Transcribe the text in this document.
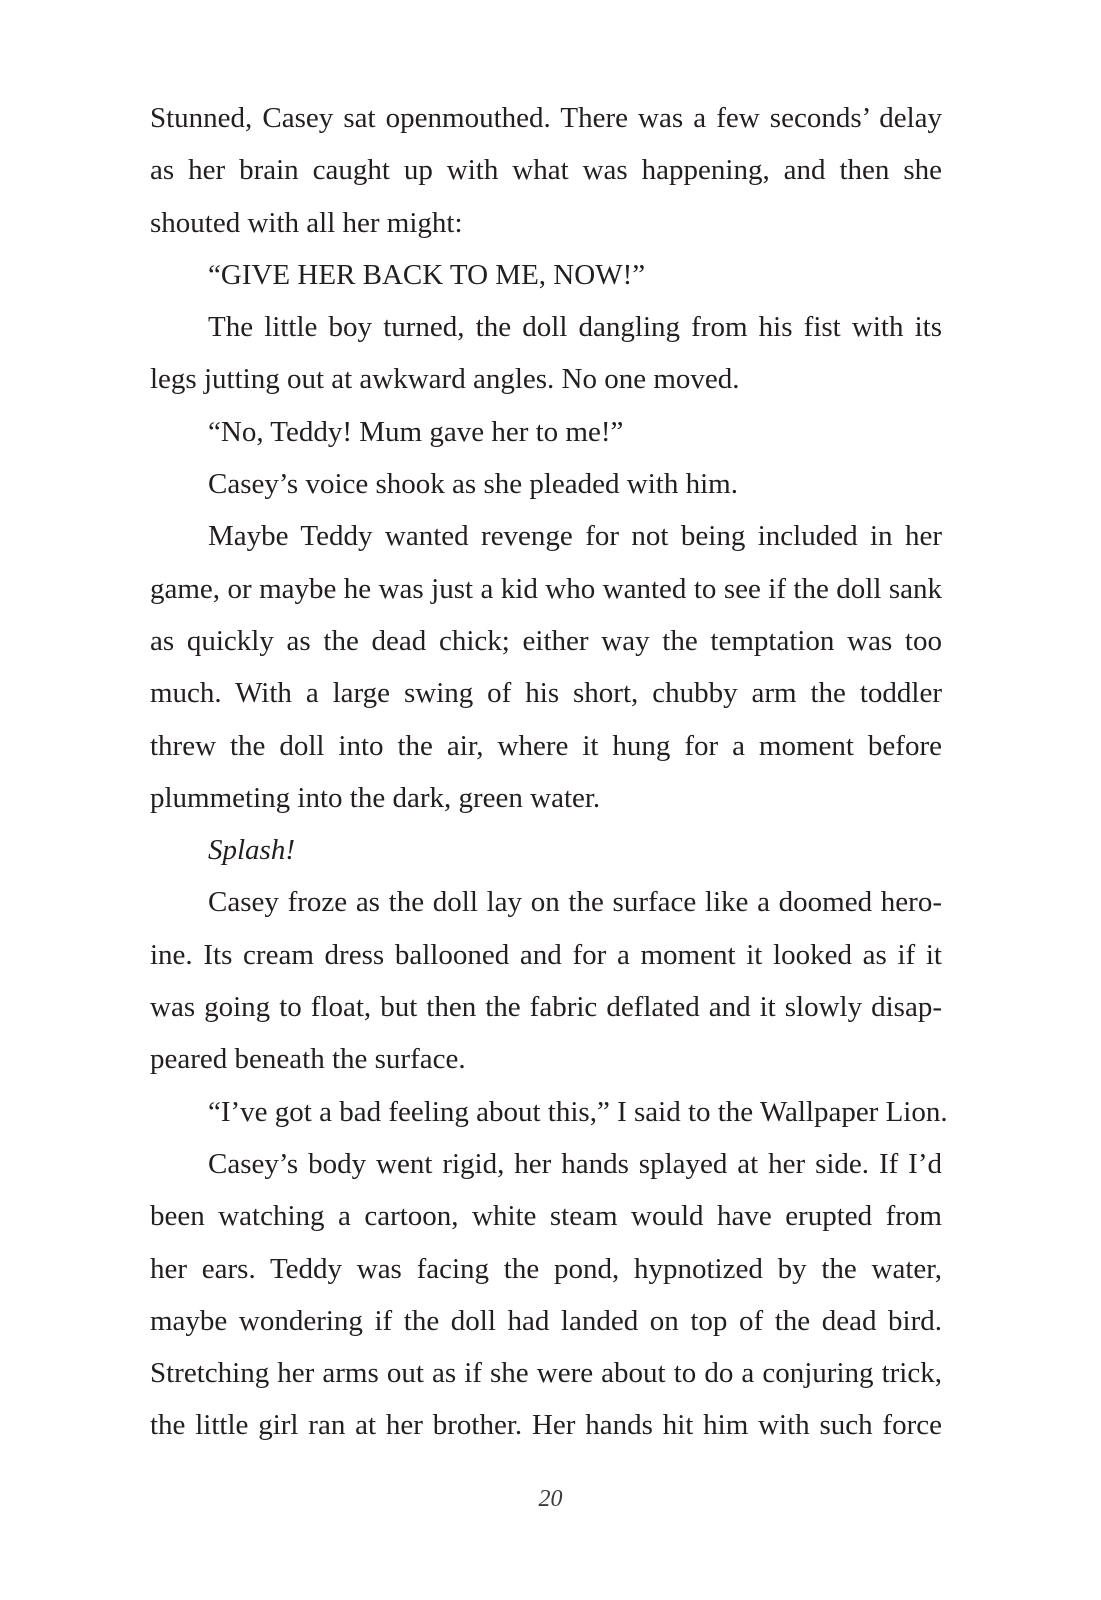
Stunned, Casey sat openmouthed. There was a few seconds’ delay
as her brain caught up with what was happening, and then she
shouted with all her might:
“GIVE HER BACK TO ME, NOW!”
The little boy turned, the doll dangling from his fist with its
legs jutting out at awkward angles. No one moved.
“No, Teddy! Mum gave her to me!”
Casey’s voice shook as she pleaded with him.
Maybe Teddy wanted revenge for not being included in her
game, or maybe he was just a kid who wanted to see if the doll sank
as quickly as the dead chick; either way the temptation was too
much. With a large swing of his short, chubby arm the toddler
threw the doll into the air, where it hung for a moment before
plummeting into the dark, green water.
Splash!
Casey froze as the doll lay on the surface like a doomed hero-
ine. Its cream dress ballooned and for a moment it looked as if it
was going to float, but then the fabric deflated and it slowly disap-
peared beneath the surface.
“I’ve got a bad feeling about this,” I said to the Wallpaper Lion.
Casey’s body went rigid, her hands splayed at her side. If I’d
been watching a cartoon, white steam would have erupted from
her ears. Teddy was facing the pond, hypnotized by the water,
maybe wondering if the doll had landed on top of the dead bird.
Stretching her arms out as if she were about to do a conjuring trick,
the little girl ran at her brother. Her hands hit him with such force
20
